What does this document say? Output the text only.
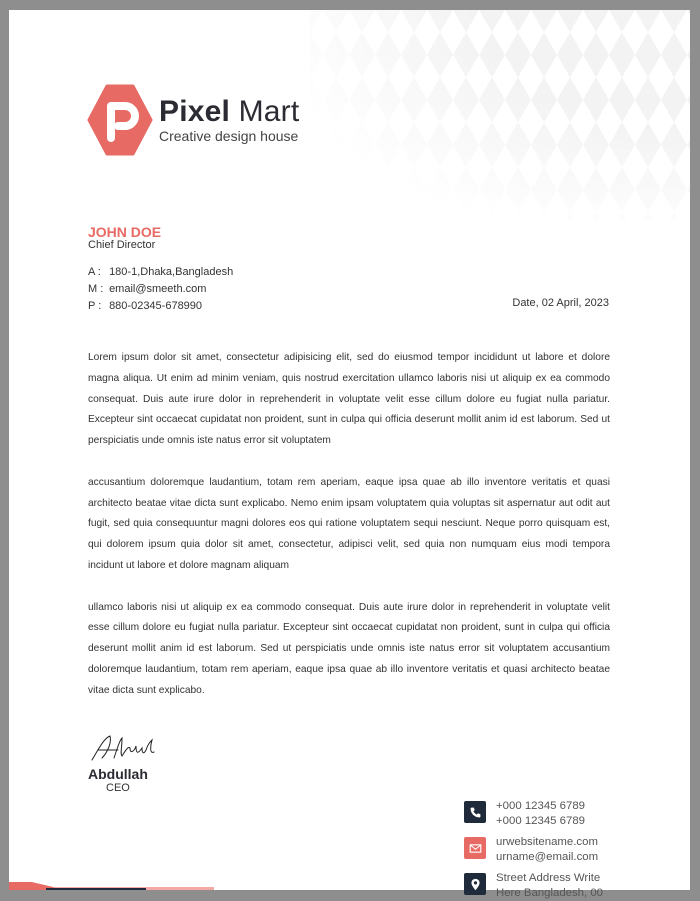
Pixel Mart
Creative design house
JOHN DOE
Chief Director
A : 180-1,Dhaka,Bangladesh
M : email@smeeth.com
P : 880-02345-678990	Date, 02 April, 2023

Lorem ipsum dolor sit amet, consectetur adipisicing elit, sed do eiusmod tempor incididunt ut labore et dolore magna aliqua. Ut enim ad minim veniam, quis nostrud exercitation ullamco laboris nisi ut aliquip ex ea commodo consequat. Duis aute irure dolor in reprehenderit in voluptate velit esse cillum dolore eu fugiat nulla pariatur. Excepteur sint occaecat cupidatat non proident, sunt in culpa qui officia deserunt mollit anim id est laborum. Sed ut perspiciatis unde omnis iste natus error sit voluptatem

accusantium doloremque laudantium, totam rem aperiam, eaque ipsa quae ab illo inventore veritatis et quasi architecto beatae vitae dicta sunt explicabo. Nemo enim ipsam voluptatem quia voluptas sit aspernatur aut odit aut fugit, sed quia consequuntur magni dolores eos qui ratione voluptatem sequi nesciunt. Neque porro quisquam est, qui dolorem ipsum quia dolor sit amet, consectetur, adipisci velit, sed quia non numquam eius modi tempora incidunt ut labore et dolore magnam aliquam

ullamco laboris nisi ut aliquip ex ea commodo consequat. Duis aute irure dolor in reprehenderit in voluptate velit esse cillum dolore eu fugiat nulla pariatur. Excepteur sint occaecat cupidatat non proident, sunt in culpa qui officia deserunt mollit anim id est laborum. Sed ut perspiciatis unde omnis iste natus error sit voluptatem accusantium doloremque laudantium, totam rem aperiam, eaque ipsa quae ab illo inventore veritatis et quasi architecto beatae vitae dicta sunt explicabo.

Abdullah
CEO
+000 12345 6789
+000 12345 6789
urwebsitename.com
urname@email.com
Street Address Write
Here Bangladesh, 00
